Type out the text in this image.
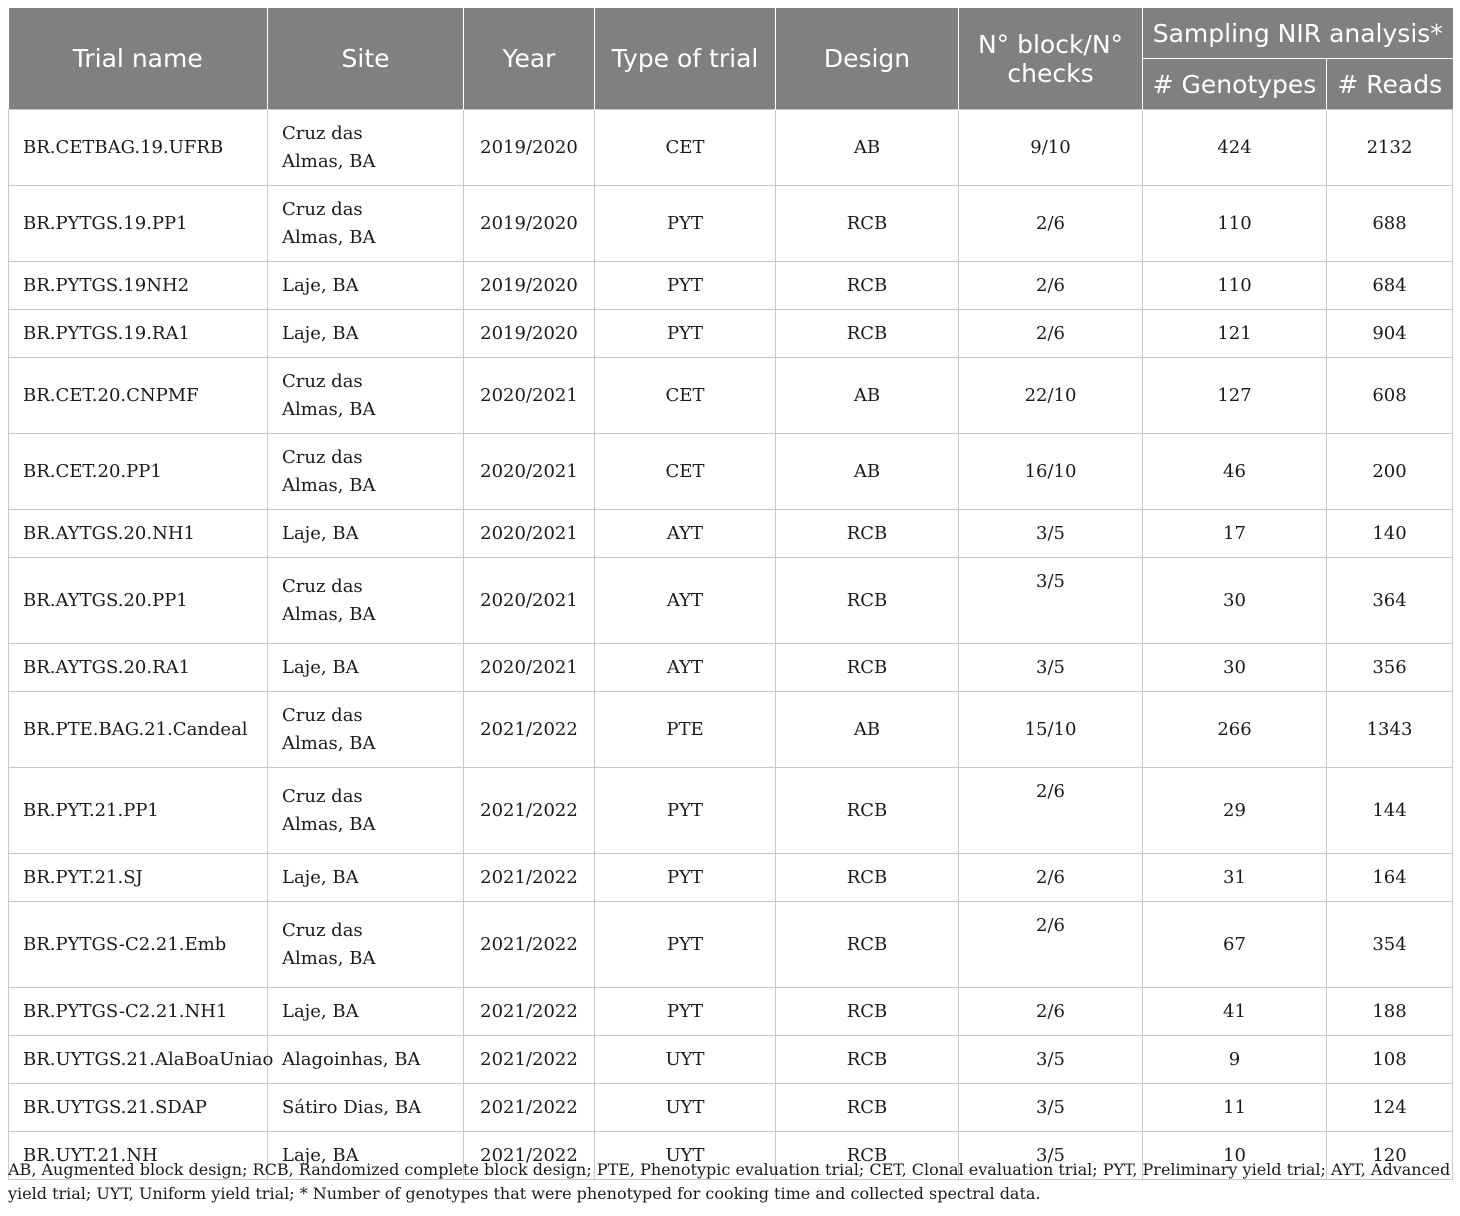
Trial name	Site	Year	Type of trial	Design	N° block/N° checks	Sampling NIR analysis*	
						# Genotypes	# Reads
BR.CETBAG.19.UFRB	Cruz das Almas, BA	2019/2020	CET	AB	9/10	424	2132
BR.PYTGS.19.PP1	Cruz das Almas, BA	2019/2020	PYT	RCB	2/6	110	688
BR.PYTGS.19NH2	Laje, BA	2019/2020	PYT	RCB	2/6	110	684
BR.PYTGS.19.RA1	Laje, BA	2019/2020	PYT	RCB	2/6	121	904
BR.CET.20.CNPMF	Cruz das Almas, BA	2020/2021	CET	AB	22/10	127	608
BR.CET.20.PP1	Cruz das Almas, BA	2020/2021	CET	AB	16/10	46	200
BR.AYTGS.20.NH1	Laje, BA	2020/2021	AYT	RCB	3/5	17	140
BR.AYTGS.20.PP1	Cruz das Almas, BA	2020/2021	AYT	RCB	3/5	30	364
BR.AYTGS.20.RA1	Laje, BA	2020/2021	AYT	RCB	3/5	30	356
BR.PTE.BAG.21.Candeal	Cruz das Almas, BA	2021/2022	PTE	AB	15/10	266	1343
BR.PYT.21.PP1	Cruz das Almas, BA	2021/2022	PYT	RCB	2/6	29	144
BR.PYT.21.SJ	Laje, BA	2021/2022	PYT	RCB	2/6	31	164
BR.PYTGS-C2.21.Emb	Cruz das Almas, BA	2021/2022	PYT	RCB	2/6	67	354
BR.PYTGS-C2.21.NH1	Laje, BA	2021/2022	PYT	RCB	2/6	41	188
BR.UYTGS.21.AlaBoaUniao	Alagoinhas, BA	2021/2022	UYT	RCB	3/5	9	108
BR.UYTGS.21.SDAP	Sátiro Dias, BA	2021/2022	UYT	RCB	3/5	11	124
BR.UYT.21.NH	Laje, BA	2021/2022	UYT	RCB	3/5	10	120
AB, Augmented block design; RCB, Randomized complete block design; PTE, Phenotypic evaluation trial; CET, Clonal evaluation trial; PYT, Preliminary yield trial; AYT, Advanced yield trial; UYT, Uniform yield trial; * Number of genotypes that were phenotyped for cooking time and collected spectral data.
